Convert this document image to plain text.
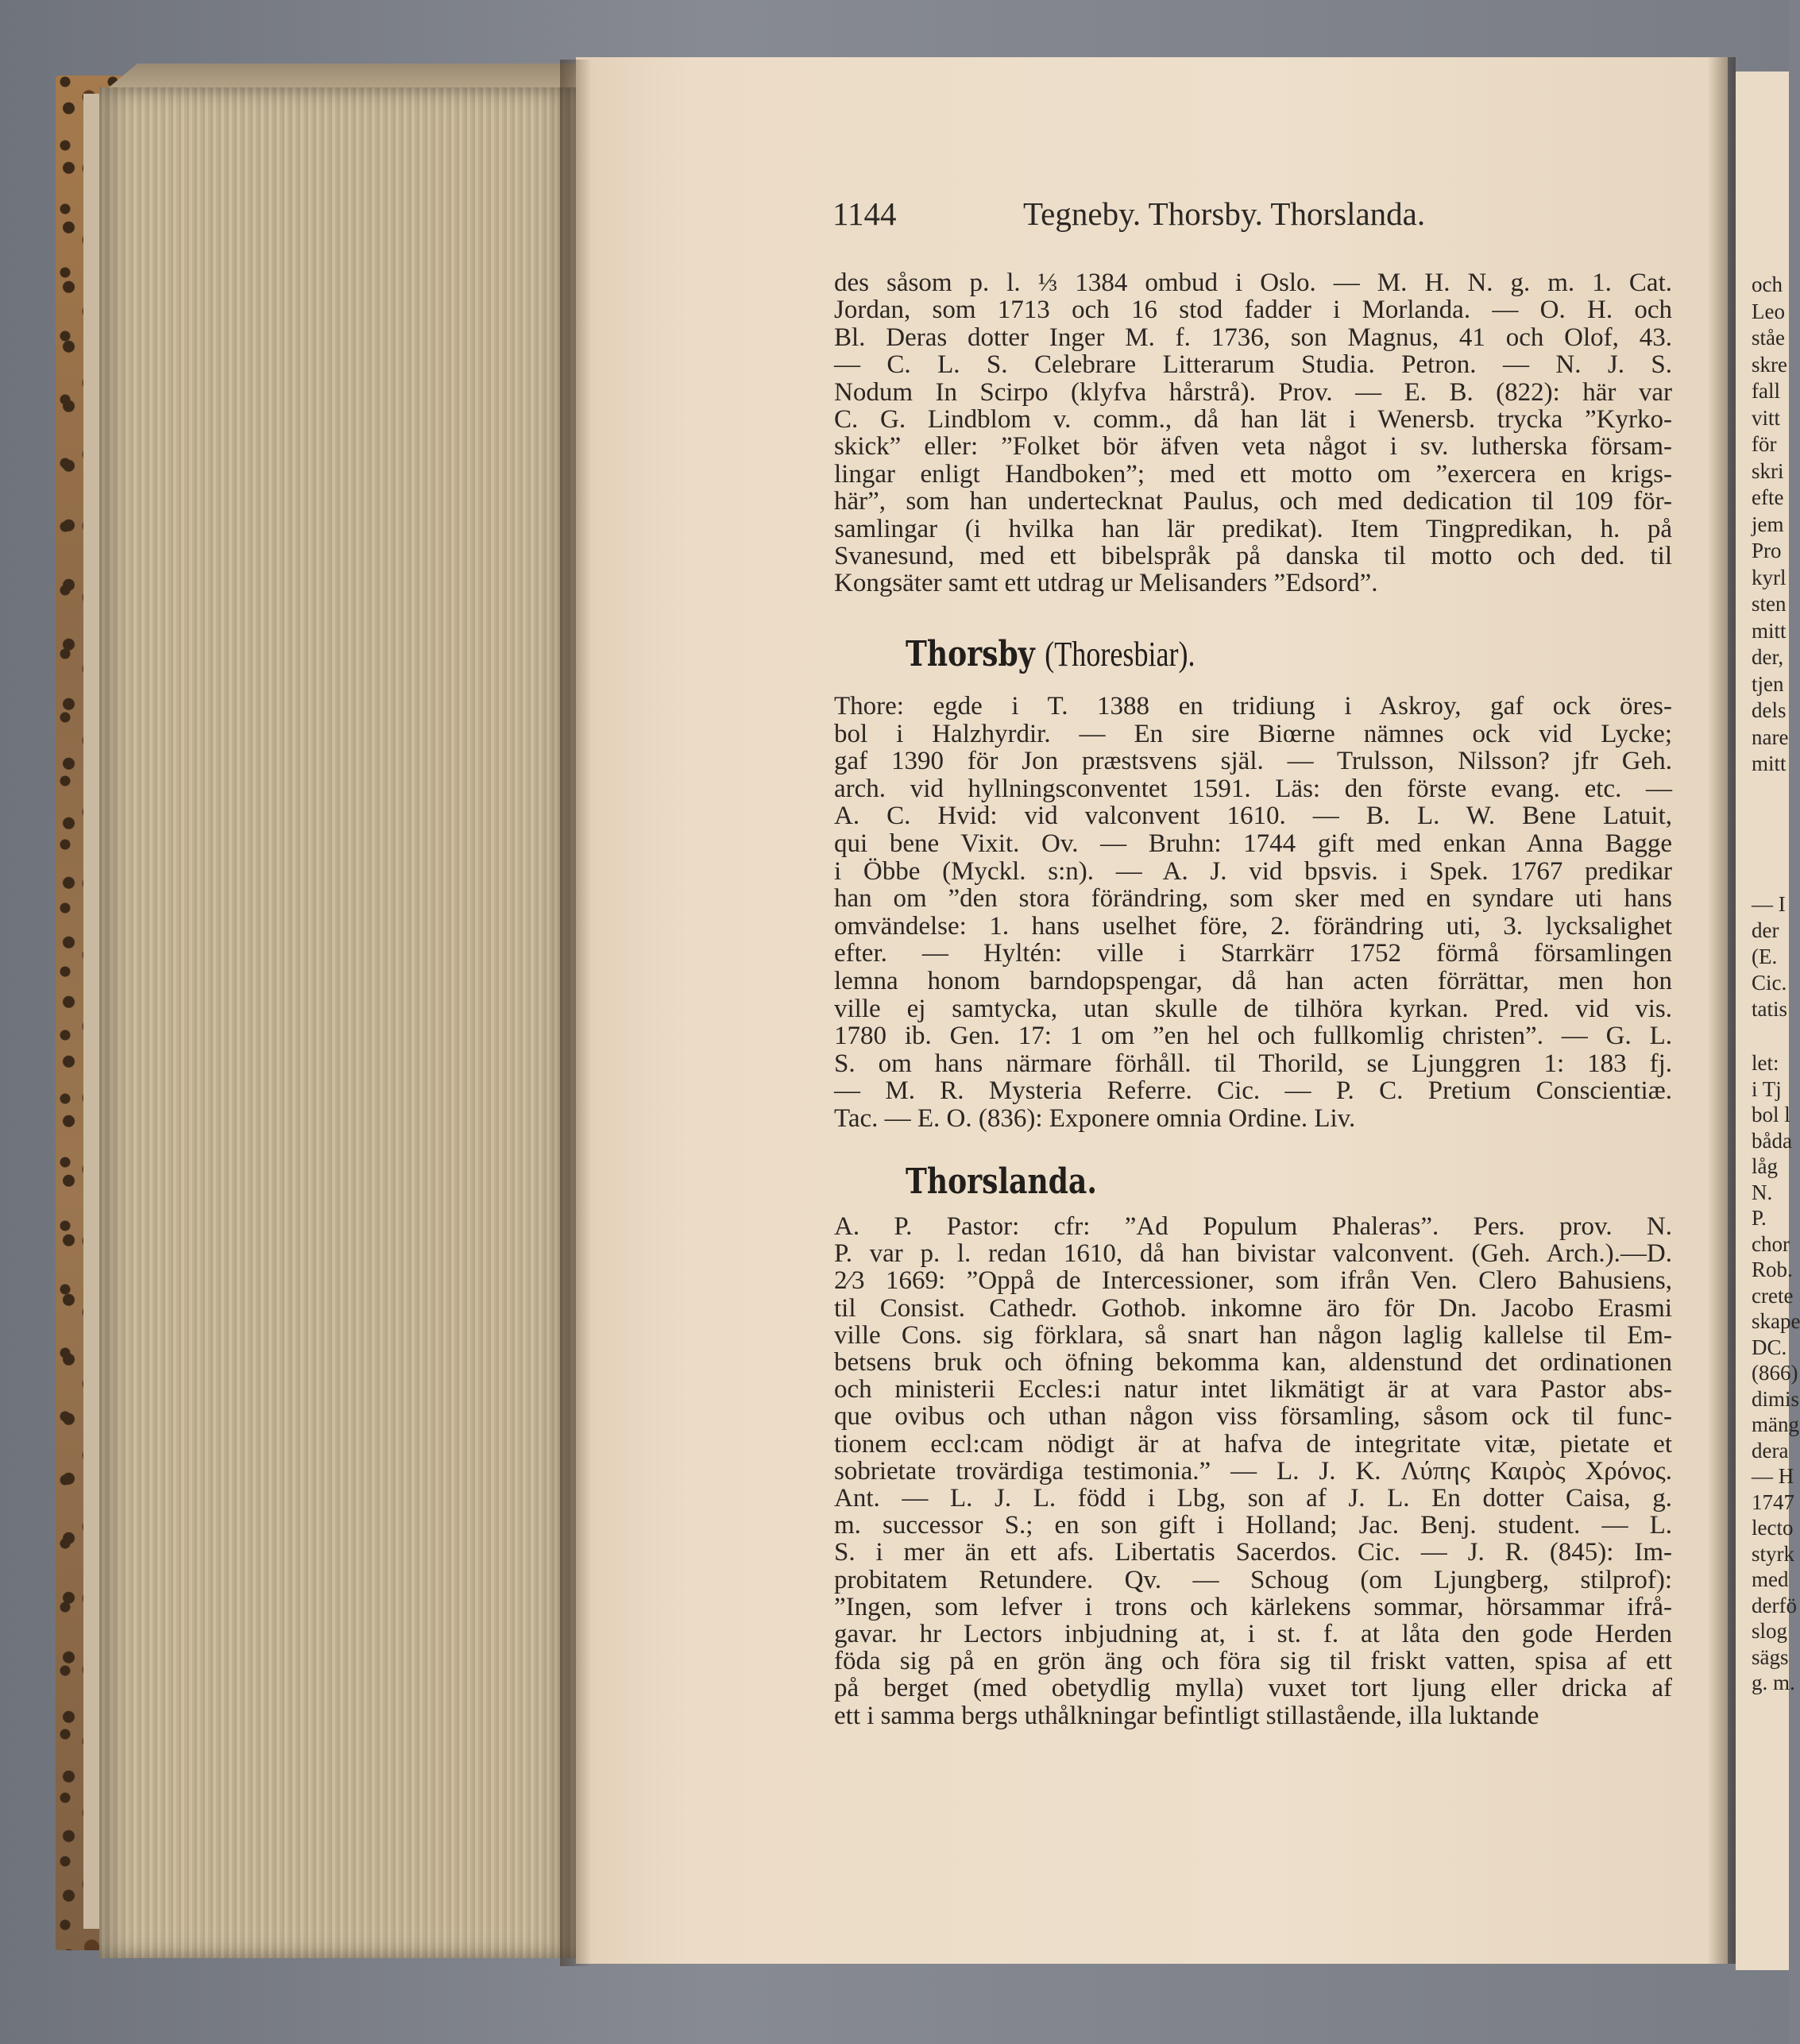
1144	Tegneby. Thorsby. Thorslanda.
des såsom p. l. ⅓ 1384 ombud i Oslo. — M. H. N. g. m. 1. Cat.
Jordan, som 1713 och 16 stod fadder i Morlanda. — O. H. och
Bl. Deras dotter Inger M. f. 1736, son Magnus, 41 och Olof, 43.
— C. L. S. Celebrare Litterarum Studia. Petron. — N. J. S.
Nodum In Scirpo (klyfva hårstrå). Prov. — E. B. (822): här var
C. G. Lindblom v. comm., då han lät i Wenersb. trycka ”Kyrko-
skick” eller: ”Folket bör äfven veta något i sv. lutherska försam-
lingar enligt Handboken”; med ett motto om ”exercera en krigs-
här”, som han undertecknat Paulus, och med dedication til 109 för-
samlingar (i hvilka han lär predikat). Item Tingpredikan, h. på
Svanesund, med ett bibelspråk på danska til motto och ded. til
Kongsäter samt ett utdrag ur Melisanders ”Edsord”.
Thorsby (Thoresbiar).
Thore: egde i T. 1388 en tridiung i Askroy, gaf ock öres-
bol i Halzhyrdir. — En sire Biœrne nämnes ock vid Lycke;
gaf 1390 för Jon præstsvens själ. — Trulsson, Nilsson? jfr Geh.
arch. vid hyllningsconventet 1591. Läs: den förste evang. etc. —
A. C. Hvid: vid valconvent 1610. — B. L. W. Bene Latuit,
qui bene Vixit. Ov. — Bruhn: 1744 gift med enkan Anna Bagge
i Öbbe (Myckl. s:n). — A. J. vid bpsvis. i Spek. 1767 predikar
han om ”den stora förändring, som sker med en syndare uti hans
omvändelse: 1. hans uselhet före, 2. förändring uti, 3. lycksalighet
efter. — Hyltén: ville i Starrkärr 1752 förmå församlingen
lemna honom barndopspengar, då han acten förrättar, men hon
ville ej samtycka, utan skulle de tilhöra kyrkan. Pred. vid vis.
1780 ib. Gen. 17: 1 om ”en hel och fullkomlig christen”. — G. L.
S. om hans närmare förhåll. til Thorild, se Ljunggren 1: 183 fj.
— M. R. Mysteria Referre. Cic. — P. C. Pretium Conscientiæ.
Tac. — E. O. (836): Exponere omnia Ordine. Liv.
Thorslanda.
A. P. Pastor: cfr: ”Ad Populum Phaleras”. Pers. prov. N.
P. var p. l. redan 1610, då han bivistar valconvent. (Geh. Arch.).—D.
2⁄3 1669: ”Oppå de Intercessioner, som ifrån Ven. Clero Bahusiens,
til Consist. Cathedr. Gothob. inkomne äro för Dn. Jacobo Erasmi
ville Cons. sig förklara, så snart han någon laglig kallelse til Em-
betsens bruk och öfning bekomma kan, aldenstund det ordinationen
och ministerii Eccles:i natur intet likmätigt är at vara Pastor abs-
que ovibus och uthan någon viss församling, såsom ock til func-
tionem eccl:cam nödigt är at hafva de integritate vitæ, pietate et
sobrietate trovärdiga testimonia.” — L. J. K. Λύπης Καιρὸς Χρόνος.
Ant. — L. J. L. född i Lbg, son af J. L. En dotter Caisa, g.
m. successor S.; en son gift i Holland; Jac. Benj. student. — L.
S. i mer än ett afs. Libertatis Sacerdos. Cic. — J. R. (845): Im-
probitatem Retundere. Qv. — Schoug (om Ljungberg, stilprof):
”Ingen, som lefver i trons och kärlekens sommar, hörsammar ifrå-
gavar. hr Lectors inbjudning at, i st. f. at låta den gode Herden
föda sig på en grön äng och föra sig til friskt vatten, spisa af ett
på berget (med obetydlig mylla) vuxet tort ljung eller dricka af
ett i samma bergs uthålkningar befintligt stillastående, illa luktande
och
Leo
ståe
skre
fall
vitt
för
skri
efte
jem
Pro
kyrl
sten
mitt
der,
tjen
dels
nare
mitt
— I
der
(E.
Cic.
tatis
let:
i Tj
bol l
båda
låg
N.
P.
chor
Rob.
crete
skape
DC.
(866)
dimis
mäng
dera
— H
1747
lecto
styrk
med
derfö
slog
sägs
g. m.
